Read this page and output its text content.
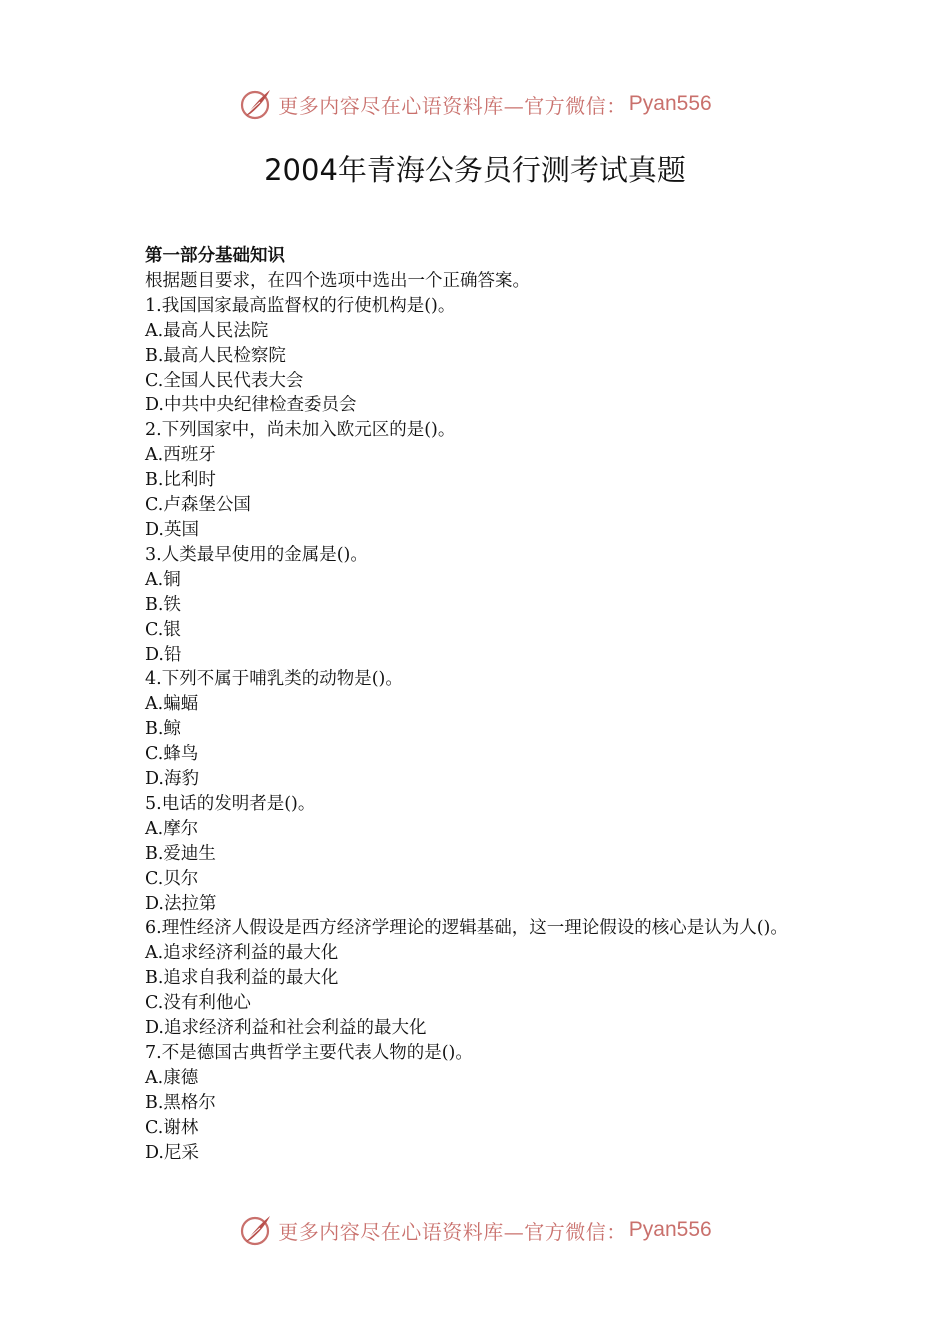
更多内容尽在心语资料库—官方微信： Pyan556
2004年青海公务员行测考试真题
第一部分基础知识
根据题目要求，在四个选项中选出一个正确答案。
1.我国国家最高监督权的行使机构是()。
A.最高人民法院
B.最高人民检察院
C.全国人民代表大会
D.中共中央纪律检查委员会
2.下列国家中，尚未加入欧元区的是()。
A.西班牙
B.比利时
C.卢森堡公国
D.英国
3.人类最早使用的金属是()。
A.铜
B.铁
C.银
D.铅
4.下列不属于哺乳类的动物是()。
A.蝙蝠
B.鲸
C.蜂鸟
D.海豹
5.电话的发明者是()。
A.摩尔
B.爱迪生
C.贝尔
D.法拉第
6.理性经济人假设是西方经济学理论的逻辑基础，这一理论假设的核心是认为人()。
A.追求经济利益的最大化
B.追求自我利益的最大化
C.没有利他心
D.追求经济利益和社会利益的最大化
7.不是德国古典哲学主要代表人物的是()。
A.康德
B.黑格尔
C.谢林
D.尼采
更多内容尽在心语资料库—官方微信： Pyan556
